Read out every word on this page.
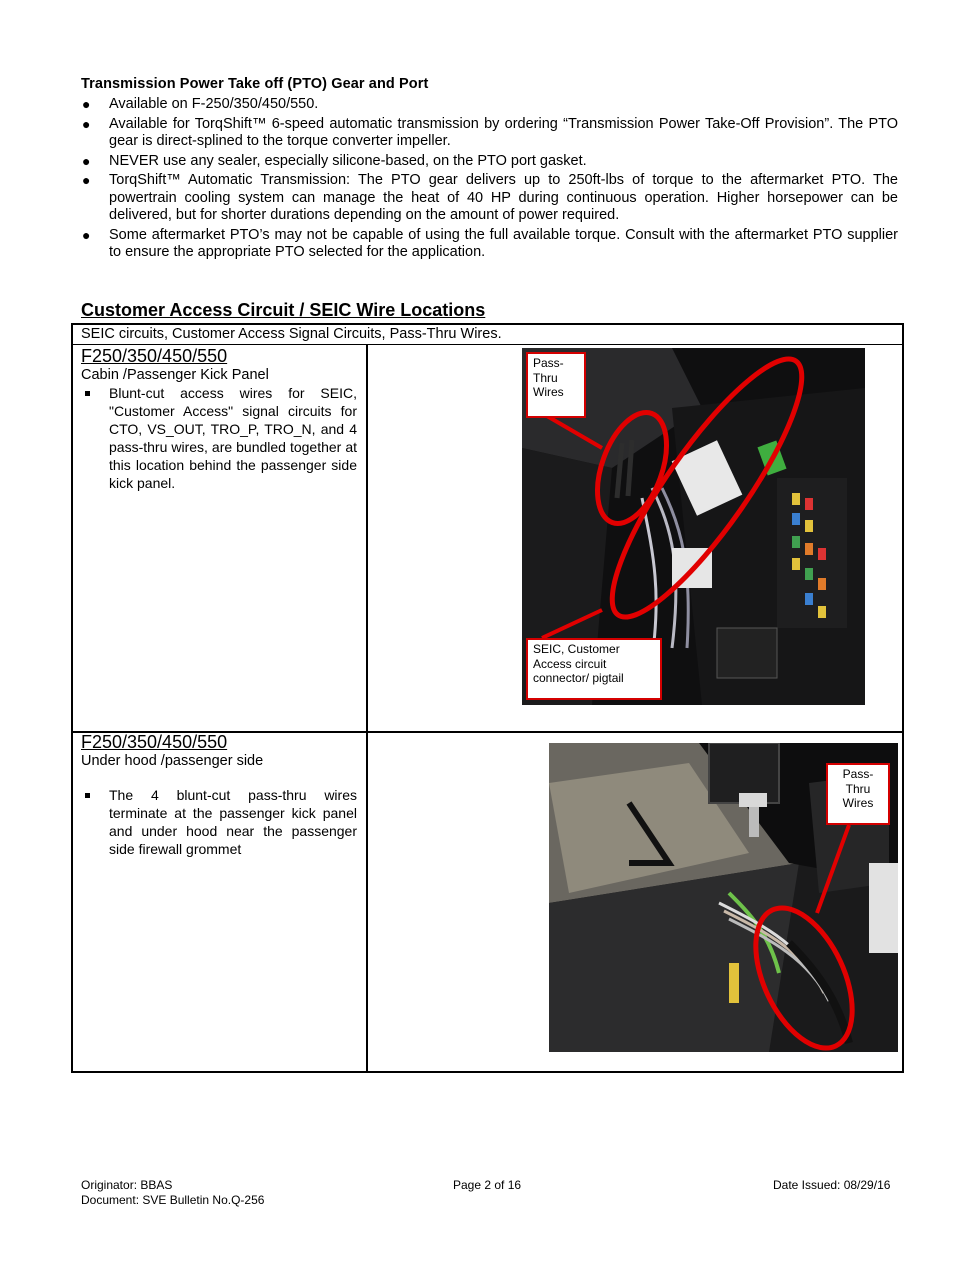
Transmission Power Take off (PTO) Gear and Port
● Available on F-250/350/450/550.
● Available for TorqShift™ 6-speed automatic transmission by ordering “Transmission Power Take-Off Provision”. The PTO gear is direct-splined to the torque converter impeller.
● NEVER use any sealer, especially silicone-based, on the PTO port gasket.
● TorqShift™ Automatic Transmission: The PTO gear delivers up to 250ft-lbs of torque to the aftermarket PTO. The powertrain cooling system can manage the heat of 40 HP during continuous operation. Higher horsepower can be delivered, but for shorter durations depending on the amount of power required.
● Some aftermarket PTO’s may not be capable of using the full available torque. Consult with the aftermarket PTO supplier to ensure the appropriate PTO selected for the application.
Customer Access Circuit / SEIC Wire Locations
SEIC circuits, Customer Access Signal Circuits, Pass-Thru Wires.

F250/350/450/550

Cabin /Passenger Kick Panel

Blunt-cut access wires for SEIC, "Customer Access" signal circuits for CTO, VS_OUT, TRO_P, TRO_N, and 4 pass-thru wires, are bundled together at this location behind the passenger side kick panel.

F250/350/450/550

Under hood /passenger side

The 4 blunt-cut pass-thru wires terminate at the passenger kick panel and under hood near the passenger side firewall grommet
Pass-
Thru
Wires
SEIC, Customer Access circuit connector/ pigtail
Pass-
Thru
Wires
Originator: BBAS
Document: SVE Bulletin No.Q-256
Page 2 of 16	Date Issued: 08/29/16
